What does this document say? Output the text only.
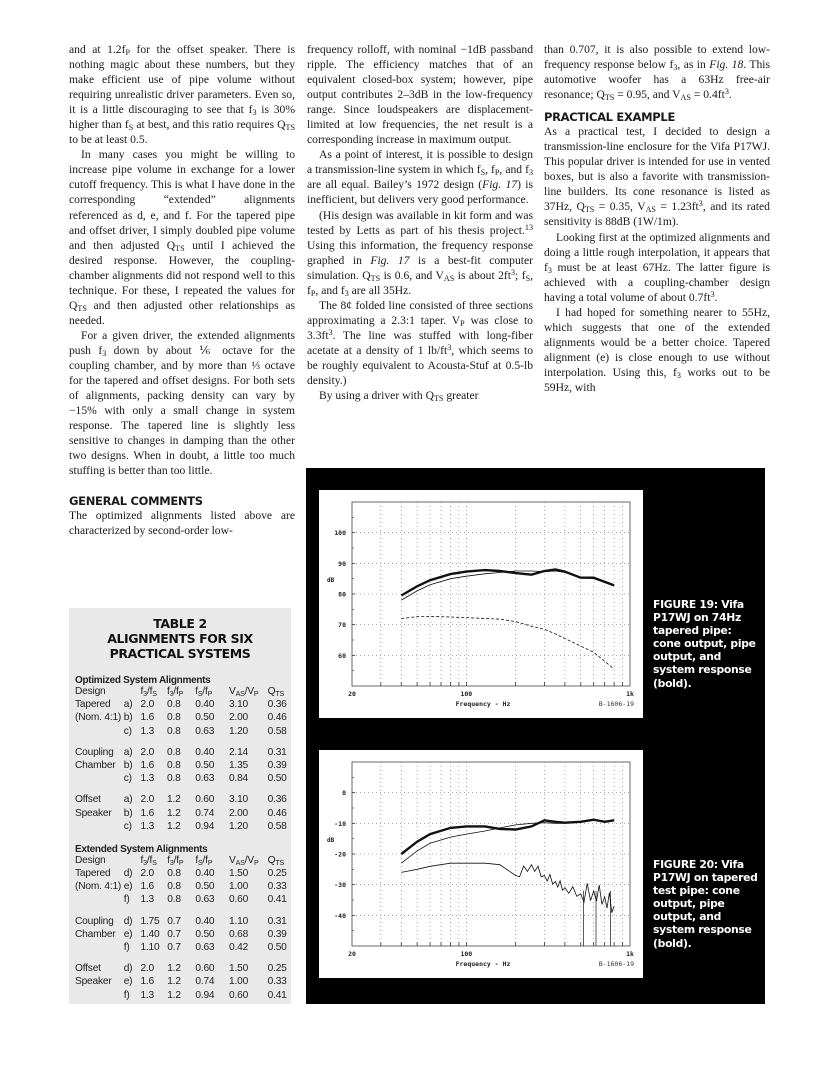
and at $1.2f_P$ for the offset speaker. There is nothing magic about these numbers, but they make efficient use of pipe volume without requiring unrealistic driver parameters. Even so, it is a little discouraging to see that $f_3$ is 30% higher than $f_S$ at best, and this ratio requires $Q_{TS}$ to be at least 0.5.

In many cases you might be willing to increase pipe volume in exchange for a lower cutoff frequency. This is what I have done in the corresponding “extended” alignments referenced as d, e, and f. For the tapered pipe and offset driver, I simply doubled pipe volume and then adjusted $Q_{TS}$ until I achieved the desired response. However, the coupling-chamber alignments did not respond well to this technique. For these, I repeated the values for $Q_{TS}$ and then adjusted other relationships as needed.

For a given driver, the extended alignments push $f_3$ down by about ⅙ octave for the coupling chamber, and by more than ⅓ octave for the tapered and offset designs. For both sets of alignments, packing density can vary by −15% with only a small change in system response. The tapered line is slightly less sensitive to changes in damping than the other two designs. When in doubt, a little too much stuffing is better than too little.

GENERAL COMMENTS

The optimized alignments listed above are characterized by second-order low-

frequency rolloff, with nominal −1dB passband ripple. The efficiency matches that of an equivalent closed-box system; however, pipe output contributes 2–3dB in the low-frequency range. Since loudspeakers are displacement-limited at low frequencies, the net result is a corresponding increase in maximum output.

As a point of interest, it is possible to design a transmission-line system in which $f_S$, $f_P$, and $f_3$ are all equal. Bailey’s 1972 design (Fig. 17) is inefficient, but delivers very good performance.

(His design was available in kit form and was tested by Letts as part of his thesis project.$^{13}$ Using this information, the frequency response graphed in Fig. 17 is a best-fit computer simulation. $Q_{TS}$ is 0.6, and $V_{AS}$ is about $2ft^3$; $f_S$, $f_P$, and $f_3$ are all 35Hz.

The 8¢ folded line consisted of three sections approximating a 2.3:1 taper. $V_P$ was close to $3.3ft^3$. The line was stuffed with long-fiber acetate at a density of 1 $lb/ft^3$, which seems to be roughly equivalent to Acousta-Stuf at 0.5-lb density.)

By using a driver with $Q_{TS}$ greater

than 0.707, it is also possible to extend low-frequency response below $f_3$, as in Fig. 18. This automotive woofer has a 63Hz free-air resonance; $Q_{TS} = 0.95$, and $V_{AS} = 0.4ft^3$.

PRACTICAL EXAMPLE

As a practical test, I decided to design a transmission-line enclosure for the Vifa P17WJ. This popular driver is intended for use in vented boxes, but is also a favorite with transmission-line builders. Its cone resonance is listed as 37Hz, $Q_{TS} = 0.35$, $V_{AS} = 1.23ft^3$, and its rated sensitivity is 88dB (1W/1m).

Looking first at the optimized alignments and doing a little rough interpolation, it appears that $f_3$ must be at least 67Hz. The latter figure is achieved with a coupling-chamber design having a total volume of about $0.7ft^3$.

I had hoped for something nearer to 55Hz, which suggests that one of the extended alignments would be a better choice. Tapered alignment (e) is close enough to use without interpolation. Using this, $f_3$ works out to be 59Hz, with

TABLE 2
ALIGNMENTS FOR SIX
PRACTICAL SYSTEMS
Optimized System Alignments
Design		$f_3/f_S$	$f_3/f_P$	$f_S/f_P$	$V_{AS}/V_P$	$Q_{TS}$
Tapered	a)	2.0	0.8	0.40	3.10	0.36
(Nom. 4:1)	b)	1.6	0.8	0.50	2.00	0.46
	c)	1.3	0.8	0.63	1.20	0.58

Coupling	a)	2.0	0.8	0.40	2.14	0.31
Chamber	b)	1.6	0.8	0.50	1.35	0.39
	c)	1.3	0.8	0.63	0.84	0.50

Offset	a)	2.0	1.2	0.60	3.10	0.36
Speaker	b)	1.6	1.2	0.74	2.00	0.46
	c)	1.3	1.2	0.94	1.20	0.58
Extended System Alignments
Design		$f_3/f_S$	$f_3/f_P$	$f_S/f_P$	$V_{AS}/V_P$	$Q_{TS}$
Tapered	d)	2.0	0.8	0.40	1.50	0.25
(Nom. 4:1)	e)	1.6	0.8	0.50	1.00	0.33
	f)	1.3	0.8	0.63	0.60	0.41

Coupling	d)	1.75	0.7	0.40	1.10	0.31
Chamber	e)	1.40	0.7	0.50	0.68	0.39
	f)	1.10	0.7	0.63	0.42	0.50

Offset	d)	2.0	1.2	0.60	1.50	0.25
Speaker	e)	1.6	1.2	0.74	1.00	0.33
	f)	1.3	1.2	0.94	0.60	0.41
100
90
80
70
60
dB
20	100	1k
Frequency - Hz	B-1606-19
FIGURE 19: Vifa P17WJ on 74Hz tapered pipe: cone output, pipe output, and system response (bold).
0
-10
-20
-30
-40
dB
20	100	1k
Frequency - Hz	B-1606-19
FIGURE 20: Vifa P17WJ on tapered test pipe: cone output, pipe output, and system response (bold).
